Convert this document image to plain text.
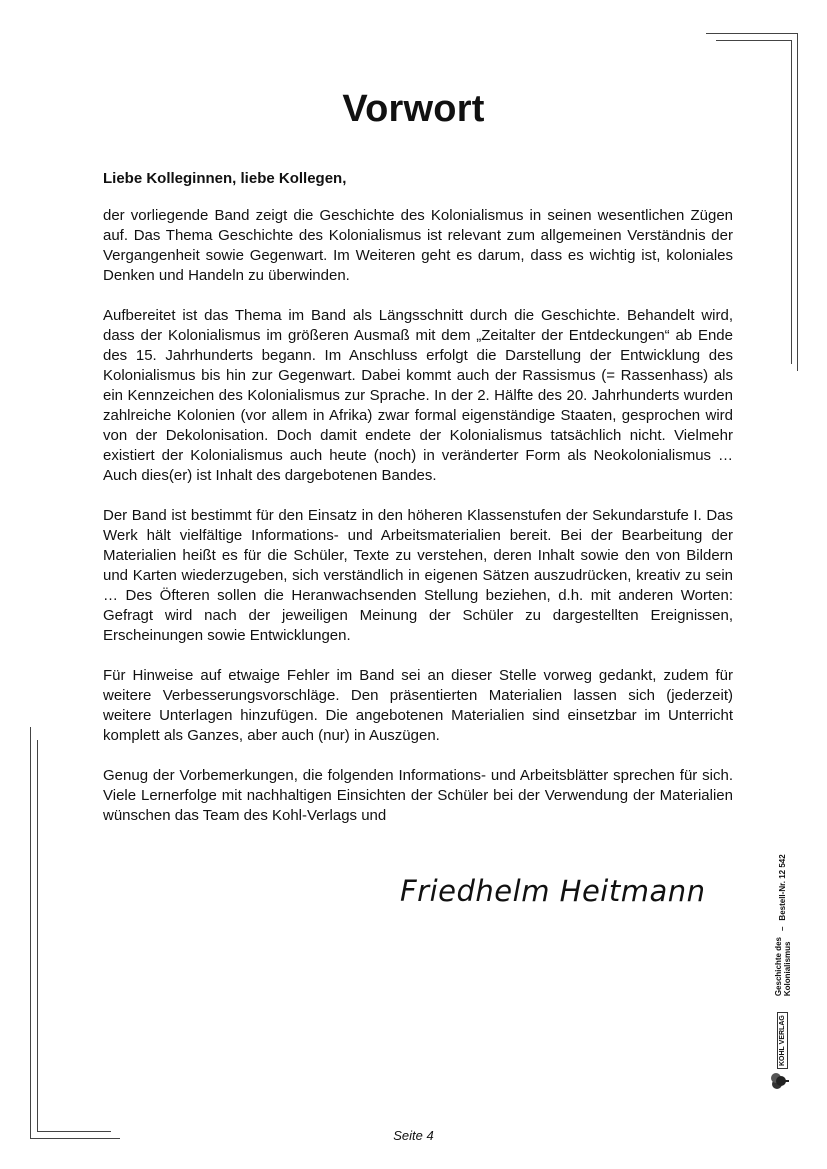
Vorwort

Liebe Kolleginnen, liebe Kollegen,

der vorliegende Band zeigt die Geschichte des Kolonialismus in seinen wesentlichen Zügen auf. Das Thema Geschichte des Kolonialismus ist relevant zum allgemeinen Verständnis der Vergangenheit sowie Gegenwart. Im Weiteren geht es darum, dass es wichtig ist, koloniales Denken und Handeln zu überwinden.

Aufbereitet ist das Thema im Band als Längsschnitt durch die Geschichte. Behandelt wird, dass der Kolonialismus im größeren Ausmaß mit dem „Zeitalter der Entdeckungen“ ab Ende des 15. Jahrhunderts begann. Im Anschluss erfolgt die Darstellung der Entwicklung des Kolonialismus bis hin zur Gegenwart. Dabei kommt auch der Rassismus (= Rassenhass) als ein Kennzeichen des Kolonialismus zur Sprache. In der 2. Hälfte des 20. Jahrhunderts wurden zahlreiche Kolonien (vor allem in Afrika) zwar formal eigenständige Staaten, gesprochen wird von der Dekolonisation. Doch damit endete der Kolonialismus tatsächlich nicht. Vielmehr existiert der Kolonialismus auch heute (noch) in veränderter Form als Neokolonialismus … Auch dies(er) ist Inhalt des dargebotenen Bandes.

Der Band ist bestimmt für den Einsatz in den höheren Klassenstufen der Sekundarstufe I. Das Werk hält vielfältige Informations- und Arbeitsmaterialien bereit. Bei der Bearbeitung der Materialien heißt es für die Schüler, Texte zu verstehen, deren Inhalt sowie den von Bildern und Karten wiederzugeben, sich verständlich in eigenen Sätzen auszudrücken, kreativ zu sein … Des Öfteren sollen die Heranwachsenden Stellung beziehen, d.h. mit anderen Worten: Gefragt wird nach der jeweiligen Meinung der Schüler zu dargestellten Ereignissen, Erscheinungen sowie Entwicklungen.

Für Hinweise auf etwaige Fehler im Band sei an dieser Stelle vorweg gedankt, zudem für weitere Verbesserungsvorschläge. Den präsentierten Materialien lassen sich (jederzeit) weitere Unterlagen hinzufügen. Die angebotenen Materialien sind einsetzbar im Unterricht komplett als Ganzes, aber auch (nur) in Auszügen.

Genug der Vorbemerkungen, die folgenden Informations- und Arbeitsblätter sprechen für sich. Viele Lernerfolge mit nachhaltigen Einsichten der Schüler bei der Verwendung der Materialien wünschen das Team des Kohl-Verlags und

Friedhelm Heitmann
Seite 4
KOHL VERLAG
Geschichte des Kolonialismus
–
Bestell-Nr. 12 542
